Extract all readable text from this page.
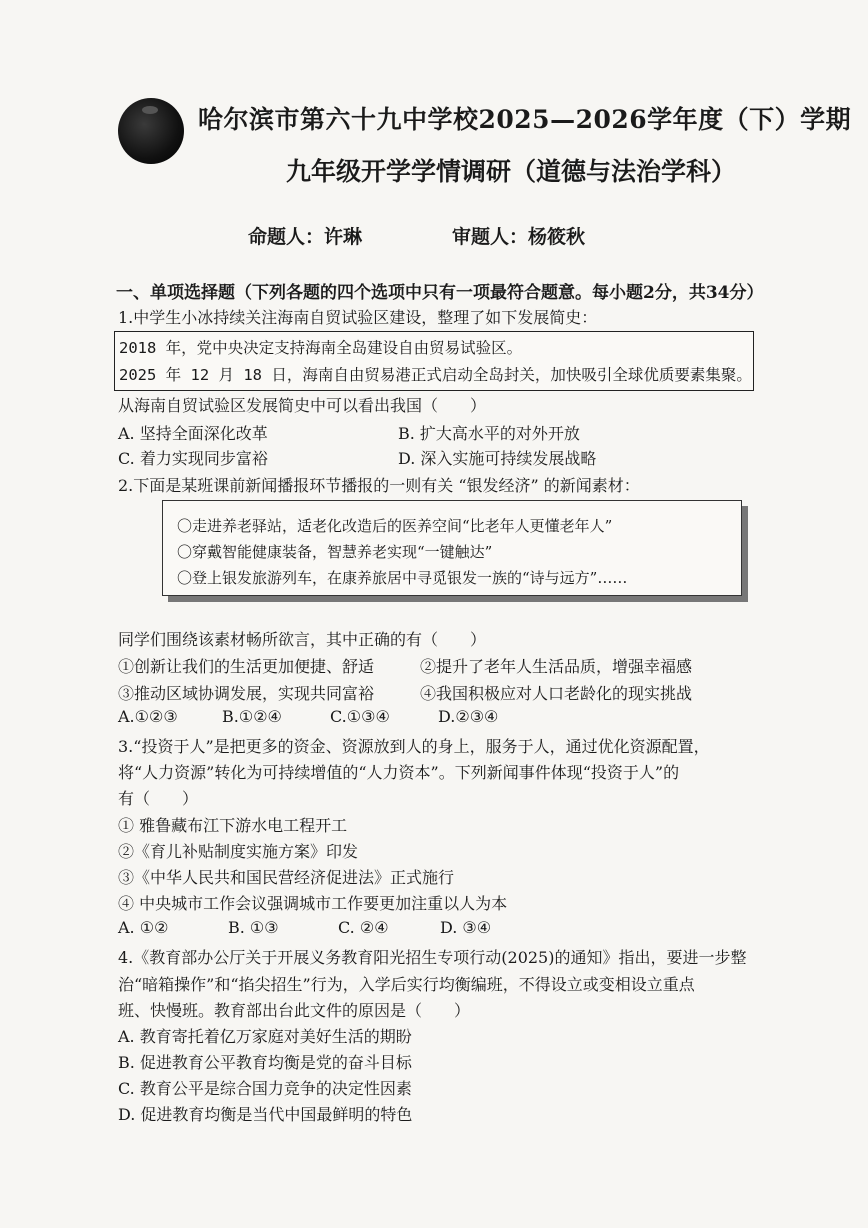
哈尔滨市第六十九中学校2025—2026学年度（下）学期
九年级开学学情调研（道德与法治学科）
命题人：许琳	审题人：杨筱秋
一、单项选择题（下列各题的四个选项中只有一项最符合题意。每小题2分，共34分）
1.中学生小冰持续关注海南自贸试验区建设，整理了如下发展简史：
2018 年，党中央决定支持海南全岛建设自由贸易试验区。
2025 年 12 月 18 日，海南自由贸易港正式启动全岛封关，加快吸引全球优质要素集聚。
从海南自贸试验区发展简史中可以看出我国（　　）
A. 坚持全面深化改革	B. 扩大高水平的对外开放
C. 着力实现同步富裕	D. 深入实施可持续发展战略
2.下面是某班课前新闻播报环节播报的一则有关 “银发经济” 的新闻素材：
〇走进养老驿站，适老化改造后的医养空间“比老年人更懂老年人”
〇穿戴智能健康装备，智慧养老实现“一键触达”
〇登上银发旅游列车，在康养旅居中寻觅银发一族的“诗与远方”……
同学们围绕该素材畅所欲言，其中正确的有（　　）
①创新让我们的生活更加便捷、舒适	②提升了老年人生活品质，增强幸福感
③推动区域协调发展，实现共同富裕	④我国积极应对人口老龄化的现实挑战
A.①②③	B.①②④	C.①③④	D.②③④
3.“投资于人”是把更多的资金、资源放到人的身上，服务于人，通过优化资源配置，
将“人力资源”转化为可持续增值的“人力资本”。下列新闻事件体现“投资于人”的
有（　　）
① 雅鲁藏布江下游水电工程开工
②《育儿补贴制度实施方案》印发
③《中华人民共和国民营经济促进法》正式施行
④ 中央城市工作会议强调城市工作要更加注重以人为本
A. ①②	B. ①③	C. ②④	D. ③④
4.《教育部办公厅关于开展义务教育阳光招生专项行动(2025)的通知》指出，要进一步整
治“暗箱操作”和“掐尖招生”行为，入学后实行均衡编班，不得设立或变相设立重点
班、快慢班。教育部出台此文件的原因是（　　）
A. 教育寄托着亿万家庭对美好生活的期盼
B. 促进教育公平教育均衡是党的奋斗目标
C. 教育公平是综合国力竞争的决定性因素
D. 促进教育均衡是当代中国最鲜明的特色
